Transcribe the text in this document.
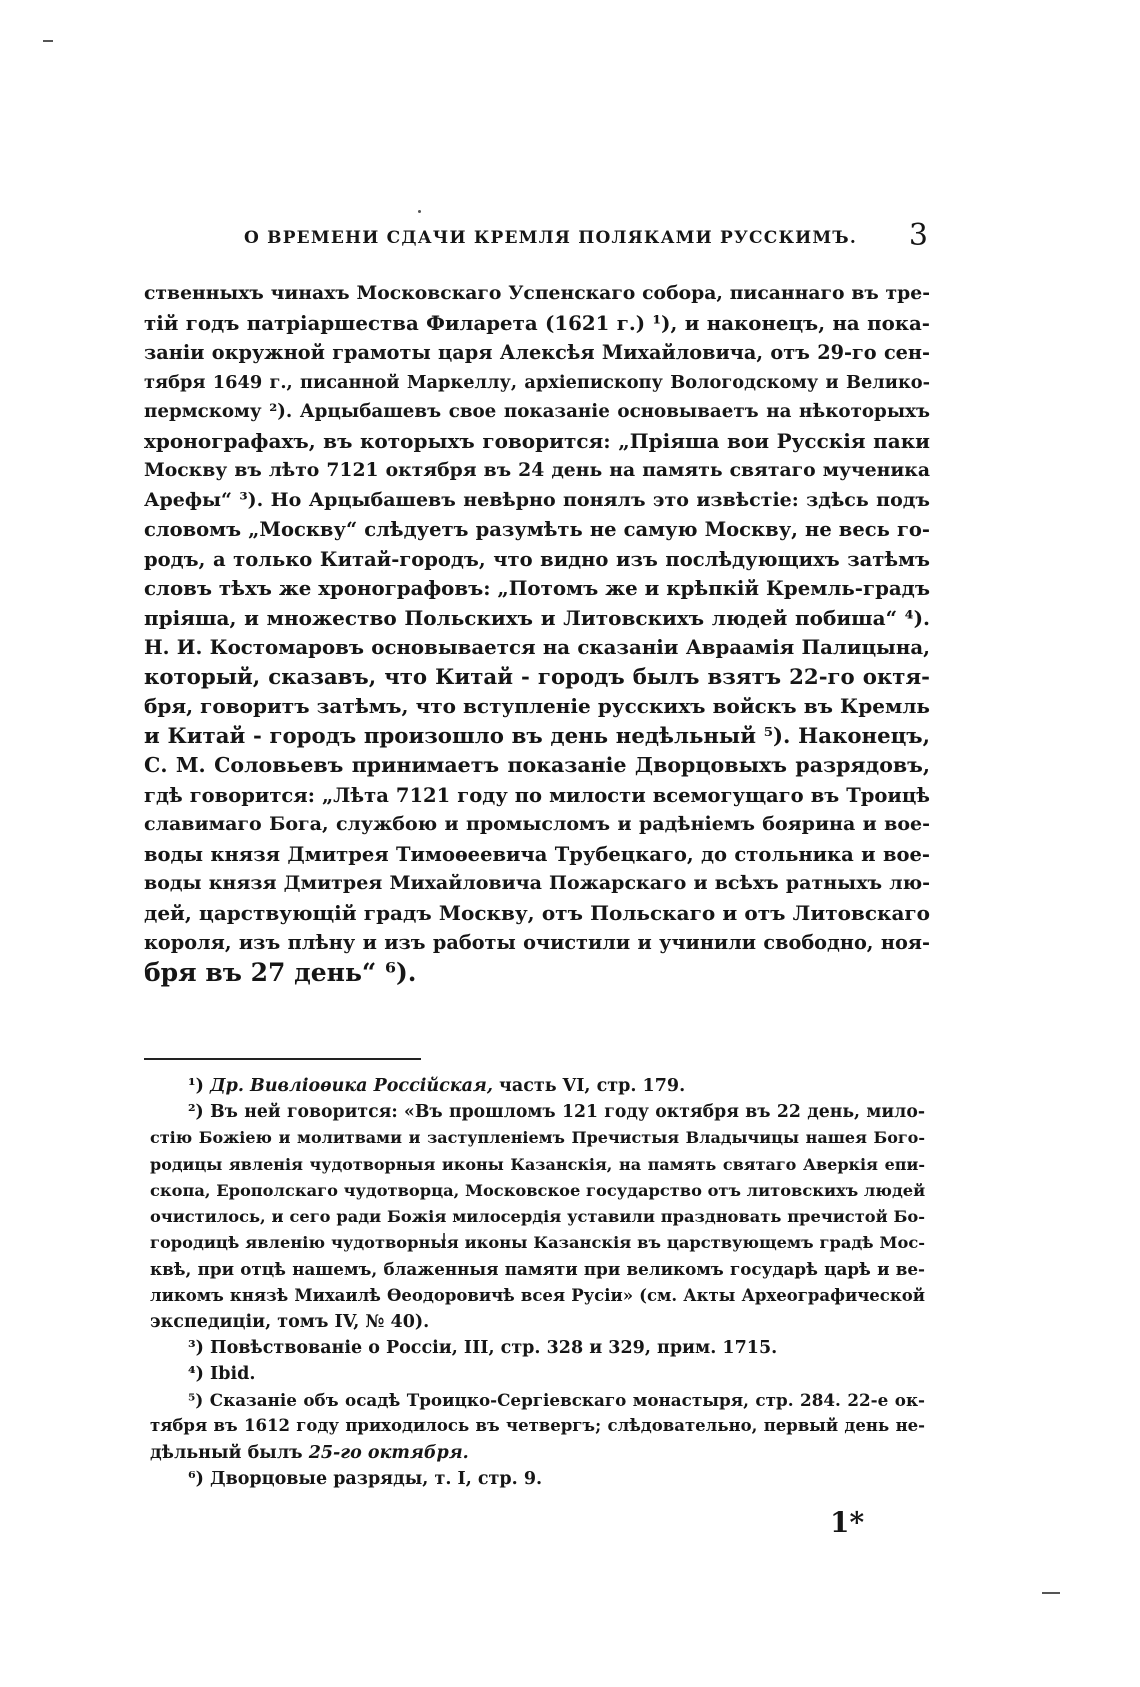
О ВРЕМЕНИ СДАЧИ КРЕМЛЯ ПОЛЯКАМИ РУССКИМЪ. 3
ственныхъ чинахъ Московскаго Успенскаго собора, писаннаго въ тре-
тій годъ патріаршества Филарета (1621 г.) ¹), и наконецъ, на пока-
заніи окружной грамоты царя Алексѣя Михайловича, отъ 29-го сен-
тября 1649 г., писанной Маркеллу, архіепископу Вологодскому и Велико-
пермскому ²). Арцыбашевъ свое показаніе основываетъ на нѣкоторыхъ
хронографахъ, въ которыхъ говорится: „Пріяша вои Русскія паки
Москву въ лѣто 7121 октября въ 24 день на память святаго мученика
Арефы“ ³). Но Арцыбашевъ невѣрно понялъ это извѣстіе: здѣсь подъ
словомъ „Москву“ слѣдуетъ разумѣть не самую Москву, не весь го-
родъ, а только Китай-городъ, что видно изъ послѣдующихъ затѣмъ
словъ тѣхъ же хронографовъ: „Потомъ же и крѣпкій Кремль-градъ
пріяша, и множество Польскихъ и Литовскихъ людей побиша“ ⁴).
Н. И. Костомаровъ основывается на сказаніи Авраамія Палицына,
который, сказавъ, что Китай - городъ былъ взятъ 22-го октя-
бря, говоритъ затѣмъ, что вступленіе русскихъ войскъ въ Кремль
и Китай - городъ произошло въ день недѣльный ⁵). Наконецъ,
С. М. Соловьевъ принимаетъ показаніе Дворцовыхъ разрядовъ,
гдѣ говорится: „Лѣта 7121 году по милости всемогущаго въ Троицѣ
славимаго Бога, службою и промысломъ и радѣніемъ боярина и вое-
воды князя Дмитрея Тимоѳеевича Трубецкаго, до стольника и вое-
воды князя Дмитрея Михайловича Пожарскаго и всѣхъ ратныхъ лю-
дей, царствующій градъ Москву, отъ Польскаго и отъ Литовскаго
короля, изъ плѣну и изъ работы очистили и учинили свободно, ноя-
бря въ 27 день“ ⁶).
¹) Др. Вивліоѳика Россійская, часть VI, стр. 179.
²) Въ ней говорится: «Въ прошломъ 121 году октября въ 22 день, мило-
стію Божіею и молитвами и заступленіемъ Пречистыя Владычицы нашея Бого-
родицы явленія чудотворныя иконы Казанскія, на память святаго Аверкія епи-
скопа, Ерополскаго чудотворца, Московское государство отъ литовскихъ людей
очистилось, и сего ради Божія милосердія уставили праздновать пречистой Бо-
городицѣ явленію чудотворныя иконы Казанскія въ царствующемъ градѣ Мос-
квѣ, при отцѣ нашемъ, блаженныя памяти при великомъ государѣ царѣ и ве-
ликомъ князѣ Михаилѣ Ѳеодоровичѣ всея Русіи» (см. Акты Археографической
экспедиціи, томъ IV, № 40).
³) Повѣствованіе о Россіи, III, стр. 328 и 329, прим. 1715.
⁴) Ibid.
⁵) Сказаніе объ осадѣ Троицко-Сергіевскаго монастыря, стр. 284. 22-е ок-
тября въ 1612 году приходилось въ четвергъ; слѣдовательно, первый день не-
дѣльный былъ 25-го октября.
⁶) Дворцовые разряды, т. I, стр. 9.
1*
